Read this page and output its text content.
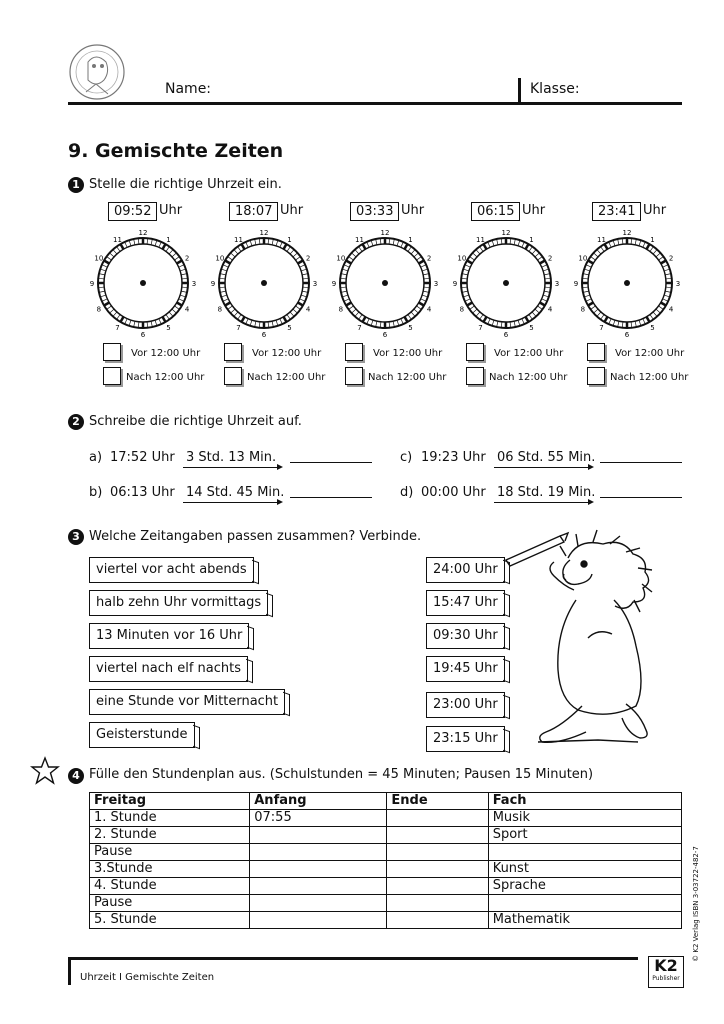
Name:	Klasse:
9. Gemischte Zeiten
1 Stelle die richtige Uhrzeit ein.
09:52 Uhr
12
1
2
3
4
5
6
7
8
9
10
11
Vor 12:00 Uhr
Nach 12:00 Uhr
18:07 Uhr
12
1
2
3
4
5
6
7
8
9
10
11
Vor 12:00 Uhr
Nach 12:00 Uhr
03:33 Uhr
12
1
2
3
4
5
6
7
8
9
10
11
Vor 12:00 Uhr
Nach 12:00 Uhr
06:15 Uhr
12
1
2
3
4
5
6
7
8
9
10
11
Vor 12:00 Uhr
Nach 12:00 Uhr
23:41 Uhr
12
1
2
3
4
5
6
7
8
9
10
11
Vor 12:00 Uhr
Nach 12:00 Uhr
2 Schreibe die richtige Uhrzeit auf.
a) 17:52 Uhr 3 Std. 13 Min.	c) 19:23 Uhr 06 Std. 55 Min.
b) 06:13 Uhr 14 Std. 45 Min.	d) 00:00 Uhr 18 Std. 19 Min.
3 Welche Zeitangaben passen zusammen? Verbinde.
viertel vor acht abends
halb zehn Uhr vormittags
13 Minuten vor 16 Uhr
viertel nach elf nachts
eine Stunde vor Mitternacht
Geisterstunde
24:00 Uhr
15:47 Uhr
09:30 Uhr
19:45 Uhr
23:00 Uhr
23:15 Uhr
4 Fülle den Stundenplan aus. (Schulstunden = 45 Minuten; Pausen 15 Minuten)
Freitag	Anfang	Ende	Fach
1. Stunde	07:55		Musik
2. Stunde			Sport
Pause			
3.Stunde			Kunst
4. Stunde			Sprache
Pause			
5. Stunde			Mathematik
Uhrzeit I Gemischte Zeiten
K2
Publisher
© K2 Verlag ISBN 3-03722-482-7
